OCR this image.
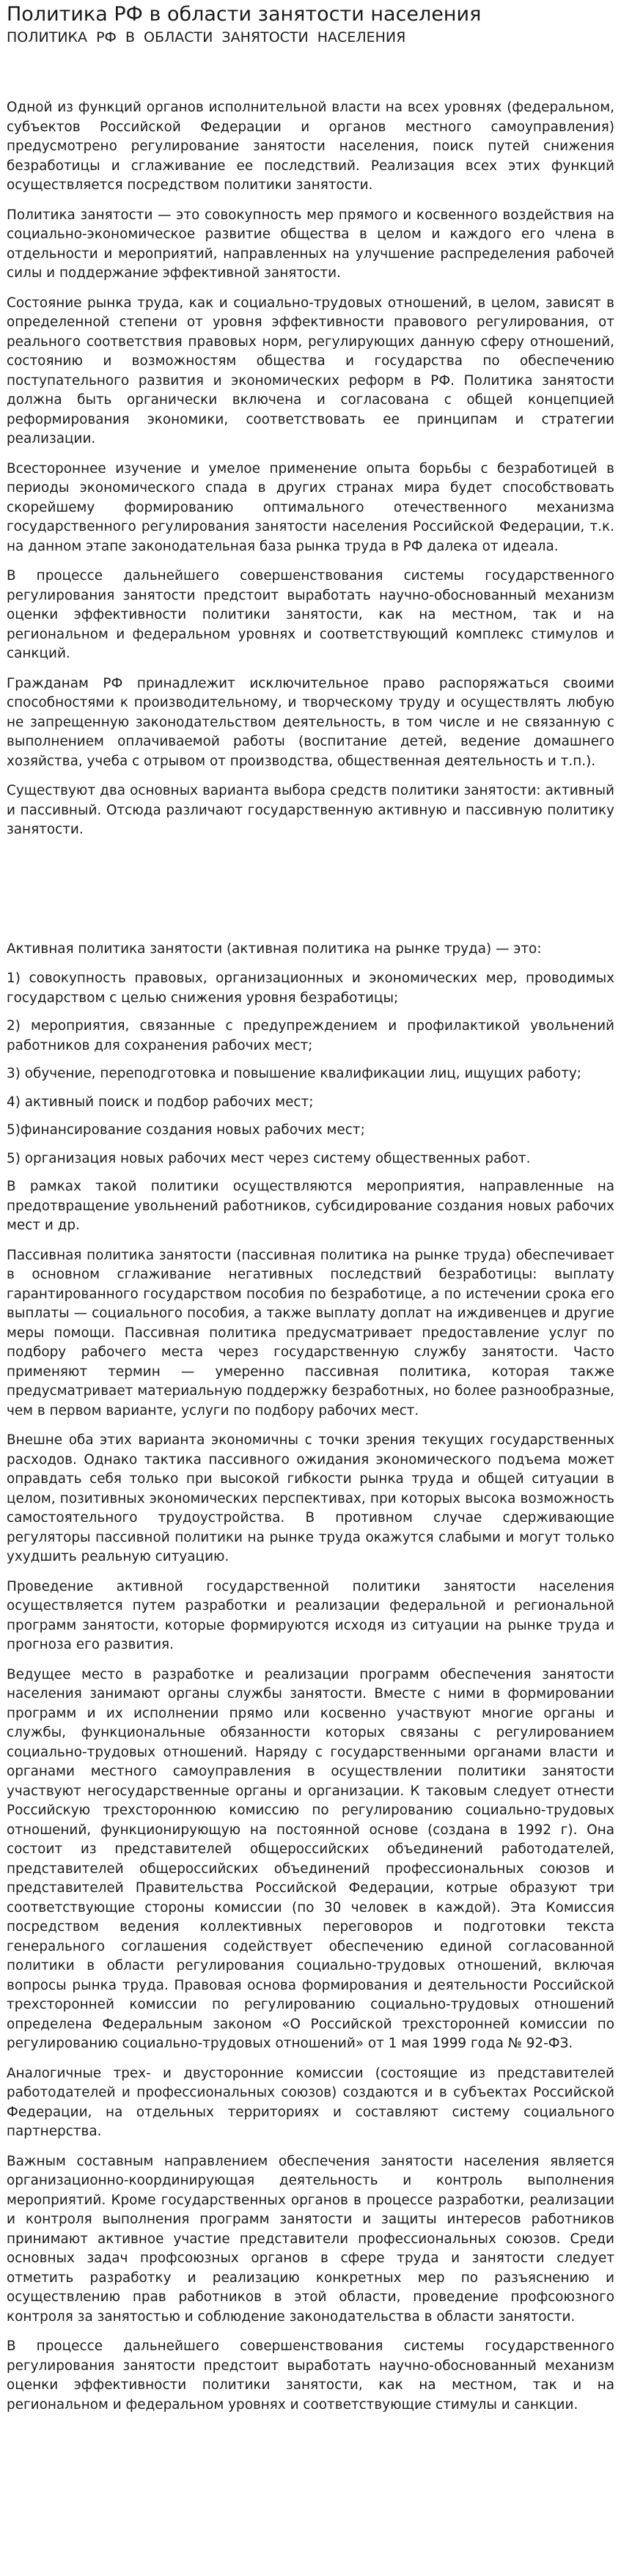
Политика РФ в области занятости населения
ПОЛИТИКА РФ В ОБЛАСТИ ЗАНЯТОСТИ НАСЕЛЕНИЯ

Одной из функций органов исполнительной власти на всех уровнях (федеральном, субъектов Российской Федерации и органов местного самоуправления) предусмотрено регулирование занятости населения, поиск путей снижения безработицы и сглаживание ее последствий. Реализация всех этих функций осуществляется посредством политики занятости.

Политика занятости — это совокупность мер прямого и косвенного воздействия на социально-экономическое развитие общества в целом и каждого его члена в отдельности и мероприятий, направленных на улучшение распределения рабочей силы и поддержание эффективной занятости.

Состояние рынка труда, как и социально-трудовых отношений, в целом, зависят в определенной степени от уровня эффективности правового регулирования, от реального соответствия правовых норм, регулирующих данную сферу отношений, состоянию и возможностям общества и государства по обеспечению поступательного развития и экономических реформ в РФ. Политика занятости должна быть органически включена и согласована с общей концепцией реформирования экономики, соответствовать ее принципам и стратегии реализации.

Всестороннее изучение и умелое применение опыта борьбы с безработицей в периоды экономического спада в других странах мира будет способствовать скорейшему формированию оптимального отечественного механизма государственного регулирования занятости населения Российской Федерации, т.к. на данном этапе законодательная база рынка труда в РФ далека от идеала.

В процессе дальнейшего совершенствования системы государственного регулирования занятости предстоит выработать научно-обоснованный механизм оценки эффективности политики занятости, как на местном, так и на региональном и федеральном уровнях и соответствующий комплекс стимулов и санкций.

Гражданам РФ принадлежит исключительное право распоряжаться своими способностями к производительному, и творческому труду и осуществлять любую не запрещенную законодательством деятельность, в том числе и не связанную с выполнением оплачиваемой работы (воспитание детей, ведение домашнего хозяйства, учеба с отрывом от производства, общественная деятельность и т.п.).

Существуют два основных варианта выбора средств политики занятости: активный и пассивный. Отсюда различают государственную активную и пассивную политику занятости.

Активная политика занятости (активная политика на рынке труда) — это:

1) совокупность правовых, организационных и экономических мер, проводимых государством с целью снижения уровня безработицы;

2) мероприятия, связанные с предупреждением и профилактикой увольнений работников для сохранения рабочих мест;

3) обучение, переподготовка и повышение квалификации лиц, ищущих работу;

4) активный поиск и подбор рабочих мест;

5)финансирование создания новых рабочих мест;

5) организация новых рабочих мест через систему общественных работ.

В рамках такой политики осуществляются мероприятия, направленные на предотвращение увольнений работников, субсидирование создания новых рабочих мест и др.

Пассивная политика занятости (пассивная политика на рынке труда) обеспечивает в основном сглаживание негативных последствий безработицы: выплату гарантированного государством пособия по безработице, а по истечении срока его выплаты — социального пособия, а также выплату доплат на иждивенцев и другие меры помощи. Пассивная политика предусматривает предоставление услуг по подбору рабочего места через государственную службу занятости. Часто применяют термин — умеренно пассивная политика, которая также предусматривает материальную поддержку безработных, но более разнообразные, чем в первом варианте, услуги по подбору рабочих мест.

Внешне оба этих варианта экономичны с точки зрения текущих государственных расходов. Однако тактика пассивного ожидания экономического подъема может оправдать себя только при высокой гибкости рынка труда и общей ситуации в целом, позитивных экономических перспективах, при которых высока возможность самостоятельного трудоустройства. В противном случае сдерживающие регуляторы пассивной политики на рынке труда окажутся слабыми и могут только ухудшить реальную ситуацию.

Проведение активной государственной политики занятости населения осуществляется путем разработки и реализации федеральной и региональной программ занятости, которые формируются исходя из ситуации на рынке труда и прогноза его развития.

Ведущее место в разработке и реализации программ обеспечения занятости населения занимают органы службы занятости. Вместе с ними в формировании программ и их исполнении прямо или косвенно участвуют многие органы и службы, функциональные обязанности которых связаны с регулированием социально-трудовых отношений. Наряду с государственными органами власти и органами местного самоуправления в осуществлении политики занятости участвуют негосударственные органы и организации. К таковым следует отнести Российскую трехстороннюю комиссию по регулированию социально-трудовых отношений, функционирующую на постоянной основе (создана в 1992 г). Она состоит из представителей общероссийских объединений работодателей, представителей общероссийских объединений профессиональных союзов и представителей Правительства Российской Федерации, котрые образуют три соответствующие стороны комиссии (по 30 человек в каждой). Эта Комиссия посредством ведения коллективных переговоров и подготовки текста генерального соглашения содействует обеспечению единой согласованной политики в области регулирования социально-трудовых отношений, включая вопросы рынка труда. Правовая основа формирования и деятельности Российской трехсторонней комиссии по регулированию социально-трудовых отношений определена Федеральным законом «О Российской трехсторонней комиссии по регулированию социально-трудовых отношений» от 1 мая 1999 года № 92-ФЗ.

Аналогичные трех- и двусторонние комиссии (состоящие из представителей работодателей и профессиональных союзов) создаются и в субъектах Российской Федерации, на отдельных территориях и составляют систему социального партнерства.

Важным составным направлением обеспечения занятости населения является организационно-координирующая деятельность и контроль выполнения мероприятий. Кроме государственных органов в процессе разработки, реализации и контроля выполнения программ занятости и защиты интересов работников принимают активное участие представители профессиональных союзов. Среди основных задач профсоюзных органов в сфере труда и занятости следует отметить разработку и реализацию конкретных мер по разъяснению и осуществлению прав работников в этой области, проведение профсоюзного контроля за занятостью и соблюдение законодательства в области занятости.

В процессе дальнейшего совершенствования системы государственного регулирования занятости предстоит выработать научно-обоснованный механизм оценки эффективности политики занятости, как на местном, так и на региональном и федеральном уровнях и соответствующие стимулы и санкции.
